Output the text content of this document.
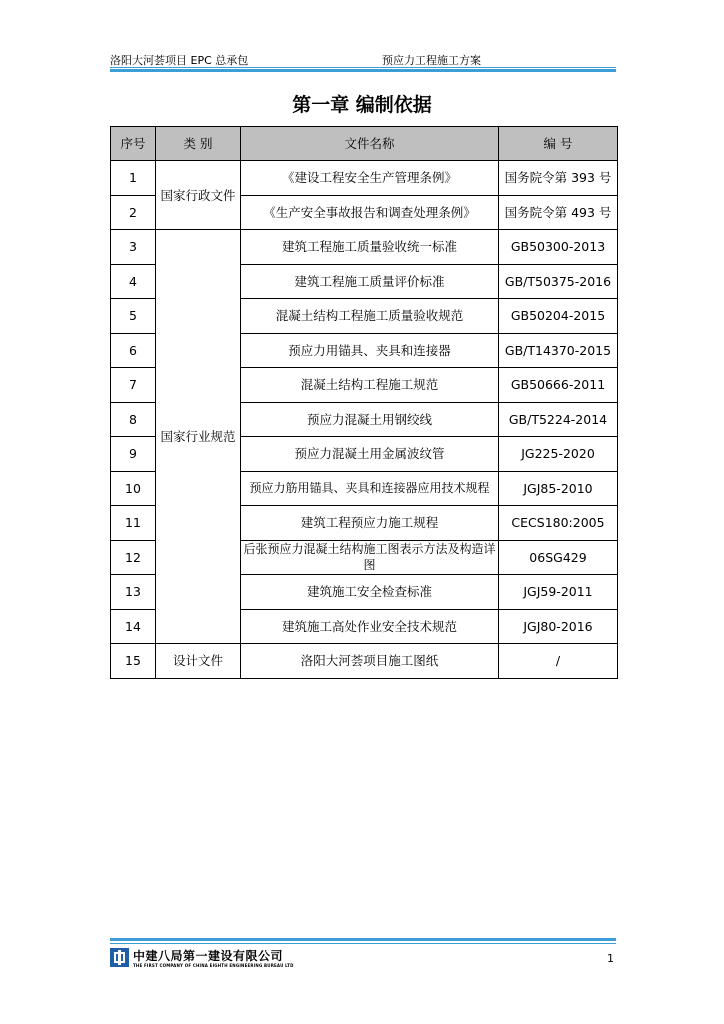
洛阳大河荟项目 EPC 总承包	预应力工程施工方案
第一章 编制依据
序号	类 别	文件名称	编 号
1	国家行政文件	《建设工程安全生产管理条例》	国务院令第 393 号
2		《生产安全事故报告和调查处理条例》	国务院令第 493 号
3	国家行业规范	建筑工程施工质量验收统一标准	GB50300-2013
4		建筑工程施工质量评价标准	GB/T50375-2016
5		混凝土结构工程施工质量验收规范	GB50204-2015
6		预应力用锚具、夹具和连接器	GB/T14370-2015
7		混凝土结构工程施工规范	GB50666-2011
8		预应力混凝土用钢绞线	GB/T5224-2014
9		预应力混凝土用金属波纹管	JG225-2020
10		预应力筋用锚具、夹具和连接器应用技术规程	JGJ85-2010
11		建筑工程预应力施工规程	CECS180:2005
12		后张预应力混凝土结构施工图表示方法及构造详图	06SG429
13		建筑施工安全检查标准	JGJ59-2011
14		建筑施工高处作业安全技术规范	JGJ80-2016
15	设计文件	洛阳大河荟项目施工图纸	/
中建八局第一建设有限公司
THE FIRST COMPANY OF CHINA EIGHTH ENGINEERING BUREAU LTD
1
